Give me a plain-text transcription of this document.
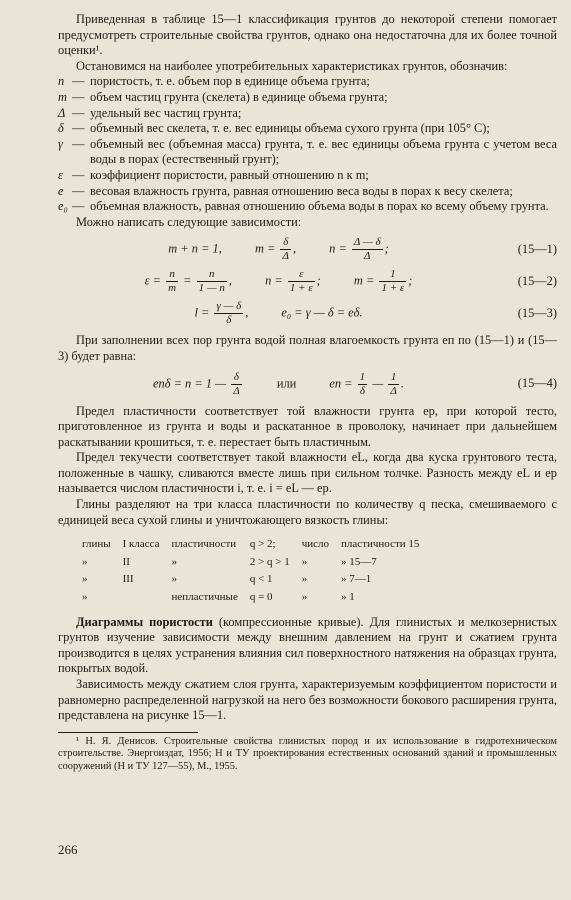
Приведенная в таблице 15—1 классификация грунтов до некоторой степени помогает предусмотреть строительные свойства грунтов, однако она недостаточна для их более точной оценки¹.

Остановимся на наиболее употребительных характеристиках грунтов, обозначив:

n — пористость, т. е. объем пор в единице объема грунта;
m — объем частиц грунта (скелета) в единице объема грунта;
Δ — удельный вес частиц грунта;
δ — объемный вес скелета, т. е. вес единицы объема сухого грунта (при 105° С);
γ — объемный вес (объемная масса) грунта, т. е. вес единицы объема грунта с учетом веса воды в порах (естественный грунт);
ε — коэффициент пористости, равный отношению n к m;
e — весовая влажность грунта, равная отношению веса воды в порах к весу скелета;
e₀ — объемная влажность, равная отношению объема воды в порах ко всему объему грунта.

Можно написать следующие зависимости:

m + n = 1,	$m = \frac{\delta}{\Delta}$ ,	$n = \frac{\Delta — \delta}{\Delta}$ ;	(15—1)
$\varepsilon = \frac{n}{m} = \frac{n}{1 — n}$ ,	$n = \frac{\varepsilon}{1 + \varepsilon}$ ;	$m = \frac{1}{1 + \varepsilon}$ ;	(15—2)
$l = \frac{\gamma — \delta}{\delta}$ ,	e₀ = γ — δ = eδ.	(15—3)

При заполнении всех пор грунта водой полная влагоемкость грунта eп по (15—1) и (15—3) будет равна:

eпδ = n = 1 — $\frac{\delta}{\Delta}$	или	eп = $\frac{1}{\delta}$ — $\frac{1}{\Delta}$ .	(15—4)

Предел пластичности соответствует той влажности грунта ep, при которой тесто, приготовленное из грунта и воды и раскатанное в проволоку, начинает при дальнейшем раскатывании крошиться, т. е. перестает быть пластичным.

Предел текучести соответствует такой влажности eL, когда два куска грунтового теста, положенные в чашку, сливаются вместе лишь при сильном толчке. Разность между eL и ep называется числом пластичности i, т. е. i = eL — ep.

Глины разделяют на три класса пластичности по количеству q песка, смешиваемого с единицей веса сухой глины и уничтожающего вязкость глины:

глины	I класса	пластичности	q > 2;	число	пластичности 15
»	II	»	2 > q > 1	»	» 15—7
»	III	»	q < 1	»	» 7—1
»		непластичные	q = 0	»	» 1

Диаграммы пористости (компрессионные кривые). Для глинистых и мелкозернистых грунтов изучение зависимости между внешним давлением на грунт и сжатием грунта производится в целях устранения влияния сил поверхностного натяжения на образцах грунта, покрытых водой.

Зависимость между сжатием слоя грунта, характеризуемым коэффициентом пористости и равномерно распределенной нагрузкой на него без возможности бокового расширения грунта, представлена на рисунке 15—1.

¹ Н. Я. Денисов. Строительные свойства глинистых пород и их использование в гидротехническом строительстве. Энергоиздат, 1956; Н и ТУ проектирования естественных оснований зданий и промышленных сооружений (Н и ТУ 127—55), М., 1955.

266
